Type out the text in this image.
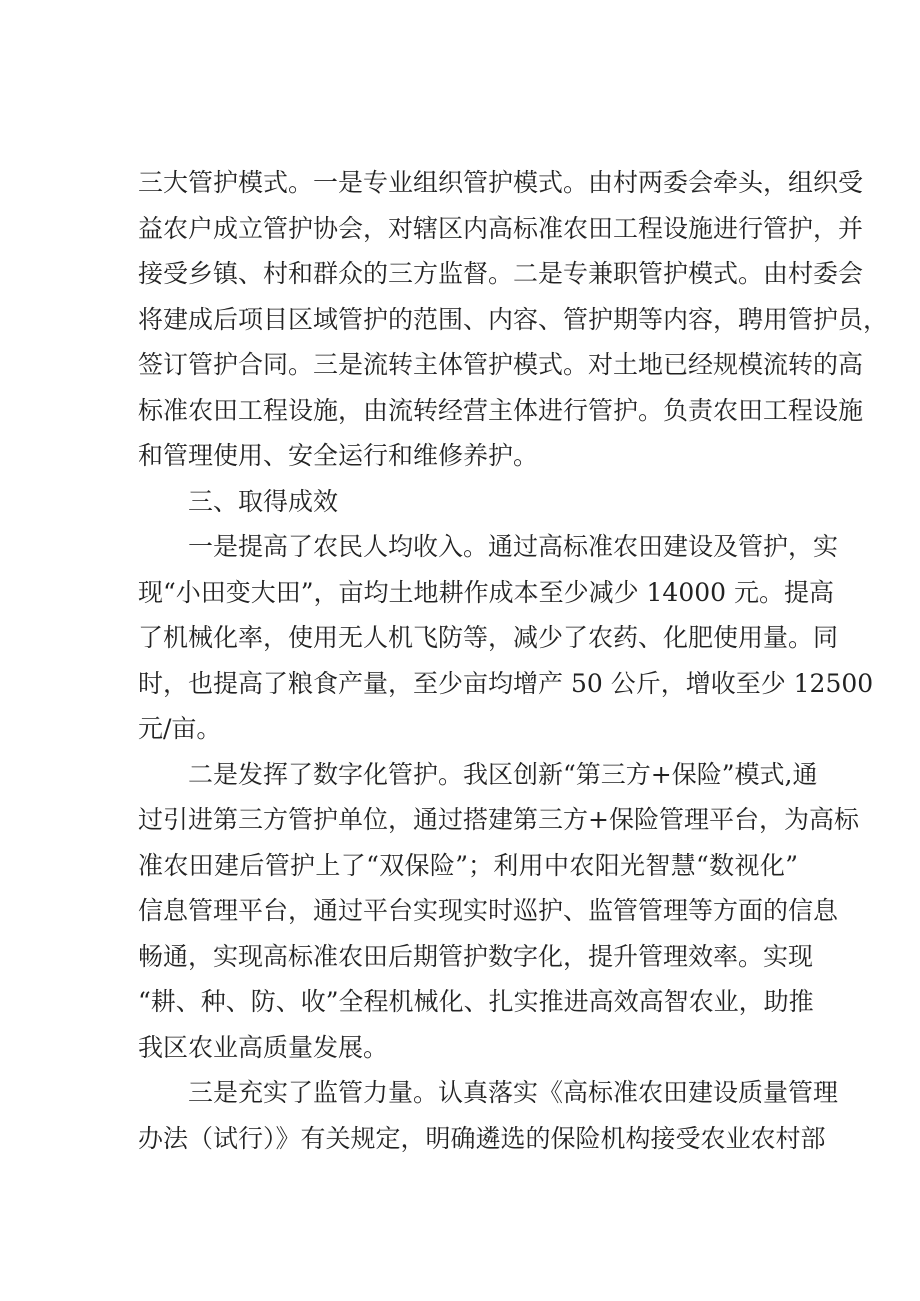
三大管护模式。一是专业组织管护模式。由村两委会牵头，组织受
益农户成立管护协会，对辖区内高标准农田工程设施进行管护，并
接受乡镇、村和群众的三方监督。二是专兼职管护模式。由村委会
将建成后项目区域管护的范围、内容、管护期等内容，聘用管护员，
签订管护合同。三是流转主体管护模式。对土地已经规模流转的高
标准农田工程设施，由流转经营主体进行管护。负责农田工程设施
和管理使用、安全运行和维修养护。
三、取得成效
一是提高了农民人均收入。通过高标准农田建设及管护，实
现“小田变大田”，亩均土地耕作成本至少减少 14000 元。提高
了机械化率，使用无人机飞防等，减少了农药、化肥使用量。同
时，也提高了粮食产量，至少亩均增产 50 公斤，增收至少 12500
元/亩。
二是发挥了数字化管护。我区创新“第三方+保险”模式,通
过引进第三方管护单位，通过搭建第三方+保险管理平台，为高标
准农田建后管护上了“双保险”；利用中农阳光智慧“数视化”
信息管理平台，通过平台实现实时巡护、监管管理等方面的信息
畅通，实现高标准农田后期管护数字化，提升管理效率。实现
“耕、种、防、收”全程机械化、扎实推进高效高智农业，助推
我区农业高质量发展。
三是充实了监管力量。认真落实《高标准农田建设质量管理
办法（试行）》有关规定，明确遴选的保险机构接受农业农村部
